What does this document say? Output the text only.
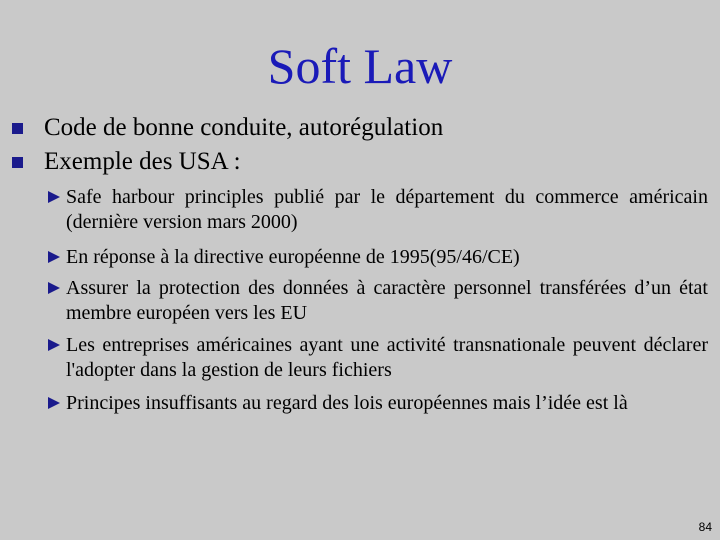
Soft Law
Code de bonne conduite, autorégulation
Exemple des USA :
Safe harbour principles publié par le département du commerce américain (dernière version mars 2000)
En réponse à la directive européenne de 1995(95/46/CE)
Assurer la protection des données à caractère personnel transférées d’un état membre européen vers les EU
Les entreprises américaines ayant une activité transnationale peuvent déclarer l'adopter dans la gestion de leurs fichiers
Principes insuffisants au regard des lois européennes mais l’idée est là
84
